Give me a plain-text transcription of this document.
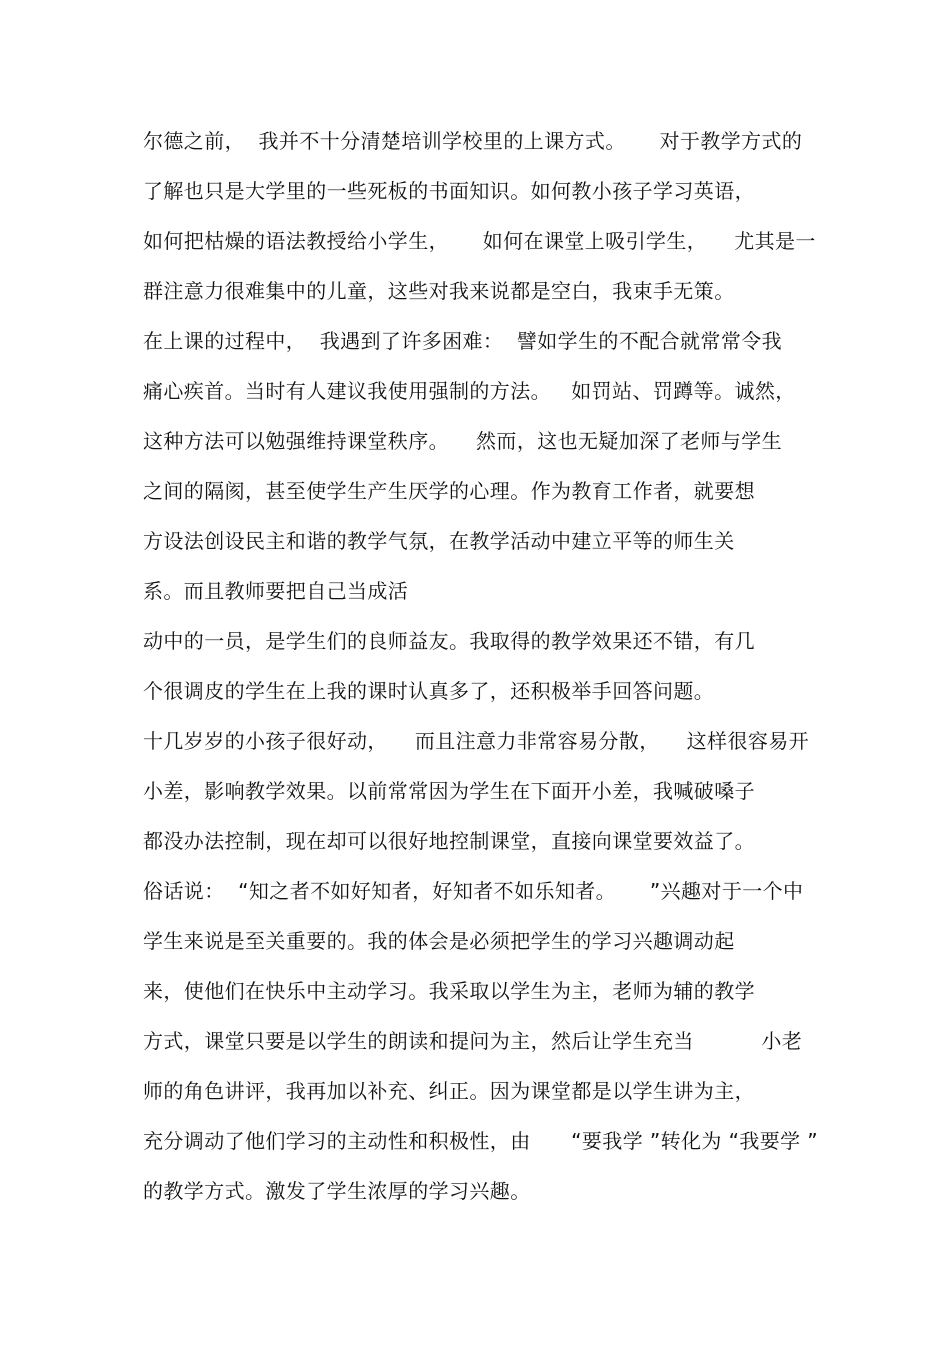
尔德之前，  我并不十分清楚培训学校里的上课方式。     对于教学方式的

了解也只是大学里的一些死板的书面知识。如何教小孩子学习英语，

如何把枯燥的语法教授给小学生，     如何在课堂上吸引学生，    尤其是一

群注意力很难集中的儿童，这些对我来说都是空白，我束手无策。

在上课的过程中，  我遇到了许多困难：  譬如学生的不配合就常常令我

痛心疾首。当时有人建议我使用强制的方法。   如罚站、罚蹲等。诚然，

这种方法可以勉强维持课堂秩序。    然而，这也无疑加深了老师与学生

之间的隔阂，甚至使学生产生厌学的心理。作为教育工作者，就要想

方设法创设民主和谐的教学气氛，在教学活动中建立平等的师生关

系。而且教师要把自己当成活

动中的一员，是学生们的良师益友。我取得的教学效果还不错，有几

个很调皮的学生在上我的课时认真多了，还积极举手回答问题。

十几岁岁的小孩子很好动，    而且注意力非常容易分散，    这样很容易开

小差，影响教学效果。以前常常因为学生在下面开小差，我喊破嗓子

都没办法控制，现在却可以很好地控制课堂，直接向课堂要效益了。

俗话说：  “知之者不如好知者，好知者不如乐知者。     ”兴趣对于一个中

学生来说是至关重要的。我的体会是必须把学生的学习兴趣调动起

来，使他们在快乐中主动学习。我采取以学生为主，老师为辅的教学

方式，课堂只要是以学生的朗读和提问为主，然后让学生充当          小老

师的角色讲评，我再加以补充、纠正。因为课堂都是以学生讲为主，

充分调动了他们学习的主动性和积极性，由      “要我学 ”转化为 “我要学 ”

的教学方式。激发了学生浓厚的学习兴趣。
